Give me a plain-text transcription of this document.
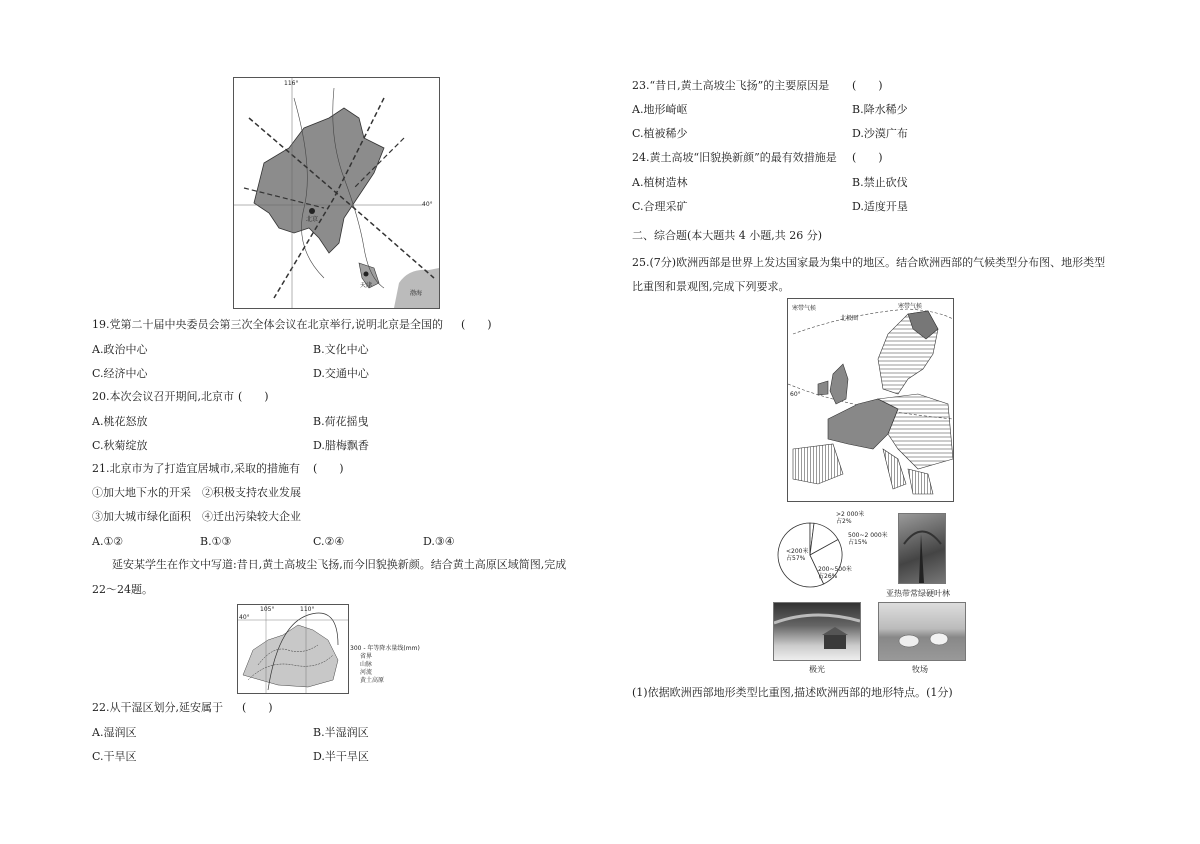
116°
40°
北京
天津
渤海
19.党第二十届中央委员会第三次全体会议在北京举行,说明北京是全国的 (　　)
A.政治中心	B.文化中心
C.经济中心	D.交通中心
20.本次会议召开期间,北京市 (　　)
A.桃花怒放	B.荷花摇曳
C.秋菊绽放	D.腊梅飘香
21.北京市为了打造宜居城市,采取的措施有 (　　)
①加大地下水的开采　②积极支持农业发展
③加大城市绿化面积　④迁出污染较大企业
A.①②	B.①③	C.②④	D.③④
延安某学生在作文中写道:昔日,黄土高坡尘飞扬,而今旧貌换新颜。结合黄土高原区域简图,完成
22～24题。
105°	110°
40°
300 - 年等降水量线(mm)
省界
山脉
河流
黄土高原
22.从干湿区划分,延安属于 (　　)
A.湿润区	B.半湿润区
C.干旱区	D.半干旱区
23.“昔日,黄土高坡尘飞扬”的主要原因是 (　　)
A.地形崎岖	B.降水稀少
C.植被稀少	D.沙漠广布
24.黄土高坡“旧貌换新颜”的最有效措施是 (　　)
A.植树造林	B.禁止砍伐
C.合理采矿	D.适度开垦
二、综合题(本大题共 4 小题,共 26 分)
25.(7分)欧洲西部是世界上发达国家最为集中的地区。结合欧洲西部的气候类型分布图、地形类型
比重图和景观图,完成下列要求。
寒带气候	寒带气候
北极圈
60°
<200米
占57%
>2 000米
占2%
500~2 000米
占15%
200~500米
占26%
亚热带常绿硬叶林
极光	牧场
(1)依据欧洲西部地形类型比重图,描述欧洲西部的地形特点。(1分)
